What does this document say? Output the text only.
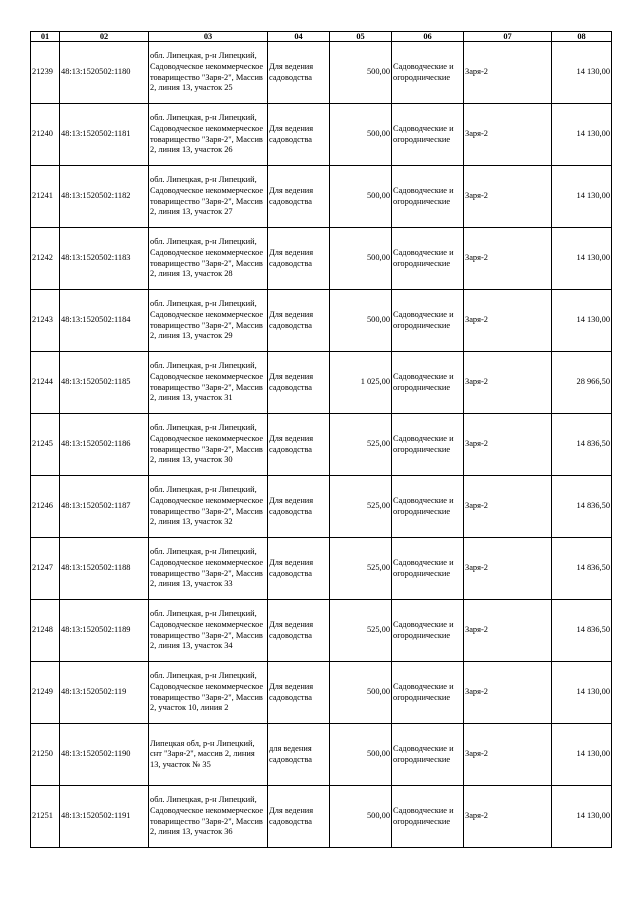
01	02	03	04	05	06	07	08
21239	48:13:1520502:1180	обл. Липецкая, р-н Липецкий, Садоводческое некоммерческое товарищество "Заря-2", Массив 2, линия 13, участок 25	Для ведения садоводства	500,00	Садоводческие и огороднические	Заря-2	14 130,00
21240	48:13:1520502:1181	обл. Липецкая, р-н Липецкий, Садоводческое некоммерческое товарищество "Заря-2", Массив 2, линия 13, участок 26	Для ведения садоводства	500,00	Садоводческие и огороднические	Заря-2	14 130,00
21241	48:13:1520502:1182	обл. Липецкая, р-н Липецкий, Садоводческое некоммерческое товарищество "Заря-2", Массив 2, линия 13, участок 27	Для ведения садоводства	500,00	Садоводческие и огороднические	Заря-2	14 130,00
21242	48:13:1520502:1183	обл. Липецкая, р-н Липецкий, Садоводческое некоммерческое товарищество "Заря-2", Массив 2, линия 13, участок 28	Для ведения садоводства	500,00	Садоводческие и огороднические	Заря-2	14 130,00
21243	48:13:1520502:1184	обл. Липецкая, р-н Липецкий, Садоводческое некоммерческое товарищество "Заря-2", Массив 2, линия 13, участок 29	Для ведения садоводства	500,00	Садоводческие и огороднические	Заря-2	14 130,00
21244	48:13:1520502:1185	обл. Липецкая, р-н Липецкий, Садоводческое некоммерческое товарищество "Заря-2", Массив 2, линия 13, участок 31	Для ведения садоводства	1 025,00	Садоводческие и огороднические	Заря-2	28 966,50
21245	48:13:1520502:1186	обл. Липецкая, р-н Липецкий, Садоводческое некоммерческое товарищество "Заря-2", Массив 2, линия 13, участок 30	Для ведения садоводства	525,00	Садоводческие и огороднические	Заря-2	14 836,50
21246	48:13:1520502:1187	обл. Липецкая, р-н Липецкий, Садоводческое некоммерческое товарищество "Заря-2", Массив 2, линия 13, участок 32	Для ведения садоводства	525,00	Садоводческие и огороднические	Заря-2	14 836,50
21247	48:13:1520502:1188	обл. Липецкая, р-н Липецкий, Садоводческое некоммерческое товарищество "Заря-2", Массив 2, линия 13, участок 33	Для ведения садоводства	525,00	Садоводческие и огороднические	Заря-2	14 836,50
21248	48:13:1520502:1189	обл. Липецкая, р-н Липецкий, Садоводческое некоммерческое товарищество "Заря-2", Массив 2, линия 13, участок 34	Для ведения садоводства	525,00	Садоводческие и огороднические	Заря-2	14 836,50
21249	48:13:1520502:119	обл. Липецкая, р-н Липецкий, Садоводческое некоммерческое товарищество "Заря-2", Массив 2, участок 10, линия 2	Для ведения садоводства	500,00	Садоводческие и огороднические	Заря-2	14 130,00
21250	48:13:1520502:1190	Липецкая обл, р-н Липецкий, снт "Заря-2", массив 2, линия 13, участок № 35	для ведения садоводства	500,00	Садоводческие и огороднические	Заря-2	14 130,00
21251	48:13:1520502:1191	обл. Липецкая, р-н Липецкий, Садоводческое некоммерческое товарищество "Заря-2", Массив 2, линия 13, участок 36	Для ведения садоводства	500,00	Садоводческие и огороднические	Заря-2	14 130,00
